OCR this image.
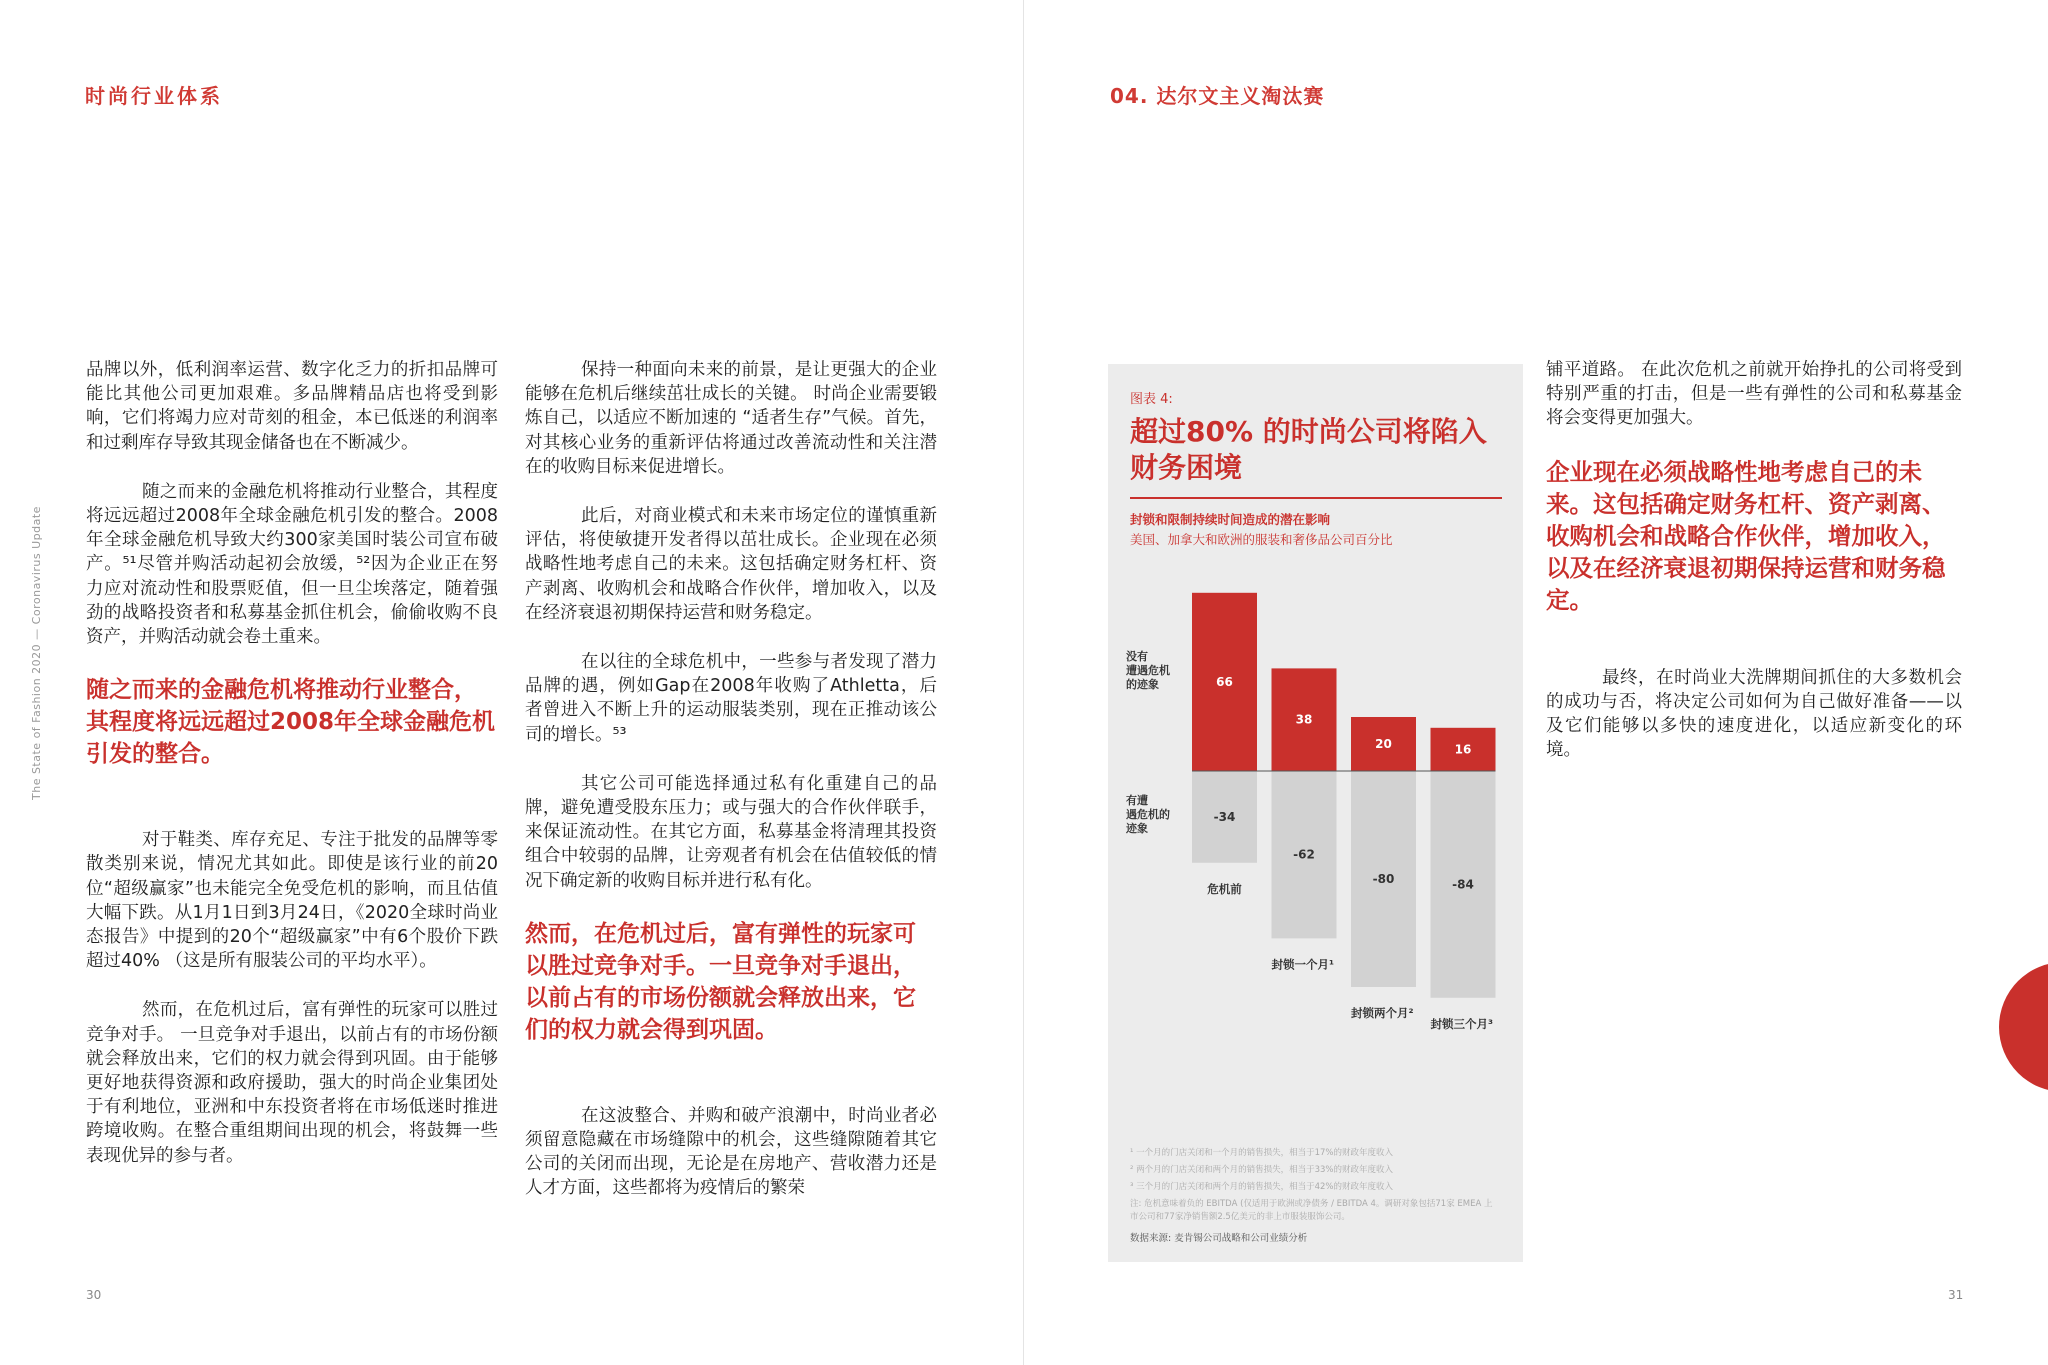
时尚行业体系
The State of Fashion 2020 — Coronavirus Update

品牌以外，低利润率运营、数字化乏力的折扣品牌可能比其他公司更加艰难。多品牌精品店也将受到影响，它们将竭力应对苛刻的租金，本已低迷的利润率和过剩库存导致其现金储备也在不断减少。

随之而来的金融危机将推动行业整合，其程度将远远超过2008年全球金融危机引发的整合。2008年全球金融危机导致大约300家美国时装公司宣布破产。⁵¹尽管并购活动起初会放缓，⁵²因为企业正在努力应对流动性和股票贬值，但一旦尘埃落定，随着强劲的战略投资者和私募基金抓住机会，偷偷收购不良资产，并购活动就会卷土重来。

随之而来的金融危机将推动行业整合，其程度将远远超过2008年全球金融危机引发的整合。

对于鞋类、库存充足、专注于批发的品牌等零散类别来说，情况尤其如此。即使是该行业的前20位“超级赢家”也未能完全免受危机的影响，而且估值大幅下跌。从1月1日到3月24日，《2020全球时尚业态报告》中提到的20个“超级赢家”中有6个股价下跌超过40% （这是所有服装公司的平均水平）。

然而，在危机过后，富有弹性的玩家可以胜过竞争对手。 一旦竞争对手退出，以前占有的市场份额就会释放出来，它们的权力就会得到巩固。由于能够更好地获得资源和政府援助，强大的时尚企业集团处于有利地位，亚洲和中东投资者将在市场低迷时推进跨境收购。在整合重组期间出现的机会，将鼓舞一些表现优异的参与者。

保持一种面向未来的前景，是让更强大的企业能够在危机后继续茁壮成长的关键。 时尚企业需要锻炼自己，以适应不断加速的 “适者生存”气候。首先，对其核心业务的重新评估将通过改善流动性和关注潜在的收购目标来促进增长。

此后，对商业模式和未来市场定位的谨慎重新评估，将使敏捷开发者得以茁壮成长。企业现在必须战略性地考虑自己的未来。这包括确定财务杠杆、资产剥离、收购机会和战略合作伙伴，增加收入，以及在经济衰退初期保持运营和财务稳定。

在以往的全球危机中，一些参与者发现了潜力品牌的遇，例如Gap在2008年收购了Athletta，后者曾进入不断上升的运动服装类别，现在正推动该公司的增长。⁵³

其它公司可能选择通过私有化重建自己的品牌，避免遭受股东压力；或与强大的合作伙伴联手，来保证流动性。在其它方面，私募基金将清理其投资组合中较弱的品牌，让旁观者有机会在估值较低的情况下确定新的收购目标并进行私有化。

然而，在危机过后，富有弹性的玩家可以胜过竞争对手。一旦竞争对手退出，以前占有的市场份额就会释放出来，它们的权力就会得到巩固。

在这波整合、并购和破产浪潮中，时尚业者必须留意隐藏在市场缝隙中的机会，这些缝隙随着其它公司的关闭而出现，无论是在房地产、营收潜力还是人才方面，这些都将为疫情后的繁荣

30
04. 达尔文主义淘汰赛
31
图表 4:
超过80% 的时尚公司将陷入财务困境
封锁和限制持续时间造成的潜在影响
美国、加拿大和欧洲的服装和奢侈品公司百分比
66
-34
危机前
38
-62
封锁一个月¹
20
-80
封锁两个月²
16
-84
封锁三个月³
没有
遭遇危机
的迹象
有遭
遇危机的
迹象
¹ 一个月的门店关闭和一个月的销售损失，相当于17%的财政年度收入
² 两个月的门店关闭和两个月的销售损失，相当于33%的财政年度收入
³ 三个月的门店关闭和两个月的销售损失，相当于42%的财政年度收入
注: 危机意味着负的 EBITDA (仅适用于欧洲或净债务 / EBITDA 4。调研对象包括71家 EMEA 上市公司和77家净销售额2.5亿美元的非上市服装服饰公司。
数据来源: 麦肯锡公司战略和公司业绩分析

铺平道路。 在此次危机之前就开始挣扎的公司将受到特别严重的打击，但是一些有弹性的公司和私募基金将会变得更加强大。

企业现在必须战略性地考虑自己的未来。这包括确定财务杠杆、资产剥离、收购机会和战略合作伙伴，增加收入，以及在经济衰退初期保持运营和财务稳定。

最终，在时尚业大洗牌期间抓住的大多数机会的成功与否，将决定公司如何为自己做好准备——以及它们能够以多快的速度进化，以适应新变化的环境。
